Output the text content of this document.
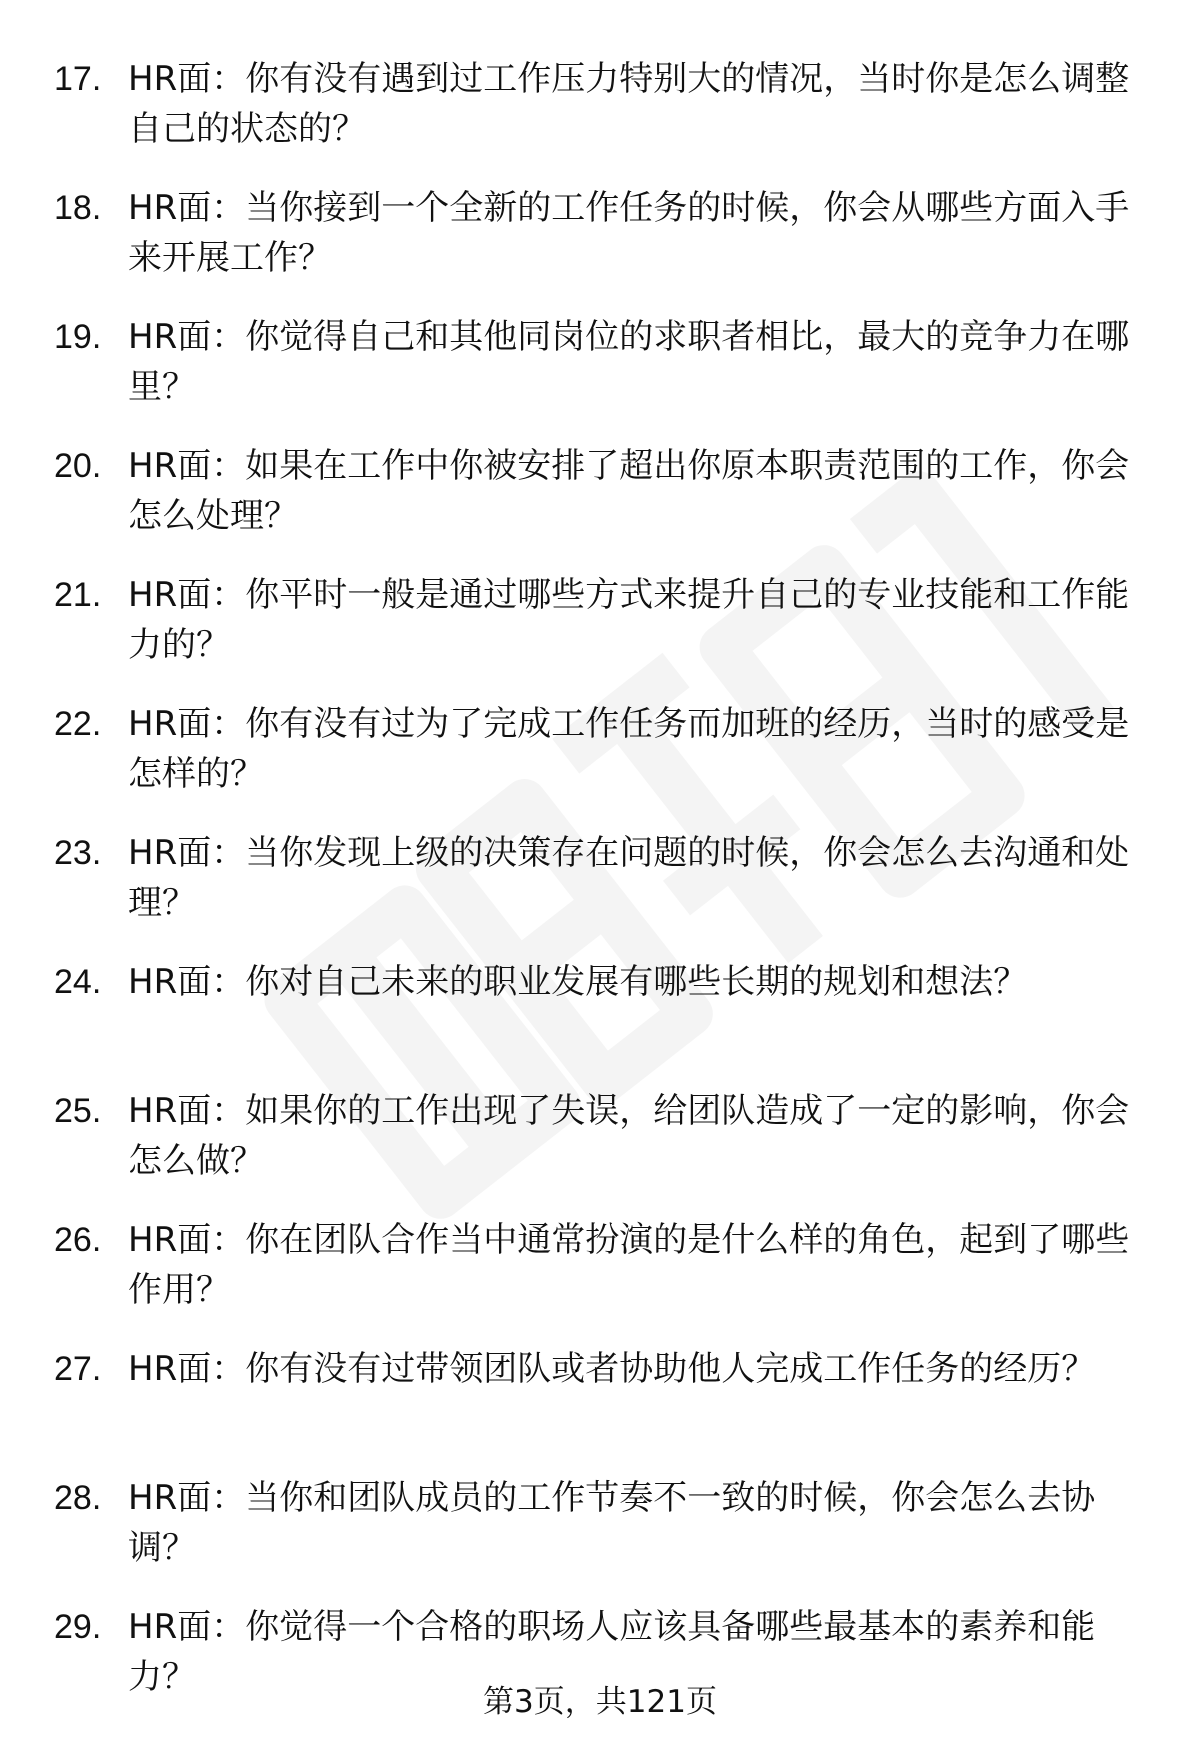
17. HR面：你有没有遇到过工作压力特别大的情况，当时你是怎么调整自己的状态的？
18. HR面：当你接到一个全新的工作任务的时候，你会从哪些方面入手来开展工作？
19. HR面：你觉得自己和其他同岗位的求职者相比，最大的竞争力在哪里？
20. HR面：如果在工作中你被安排了超出你原本职责范围的工作，你会怎么处理？
21. HR面：你平时一般是通过哪些方式来提升自己的专业技能和工作能力的？
22. HR面：你有没有过为了完成工作任务而加班的经历，当时的感受是怎样的？
23. HR面：当你发现上级的决策存在问题的时候，你会怎么去沟通和处理？
24. HR面：你对自己未来的职业发展有哪些长期的规划和想法？
25. HR面：如果你的工作出现了失误，给团队造成了一定的影响，你会怎么做？
26. HR面：你在团队合作当中通常扮演的是什么样的角色，起到了哪些作用？
27. HR面：你有没有过带领团队或者协助他人完成工作任务的经历？
28. HR面：当你和团队成员的工作节奏不一致的时候，你会怎么去协调？
29. HR面：你觉得一个合格的职场人应该具备哪些最基本的素养和能力？
第3页，共121页
